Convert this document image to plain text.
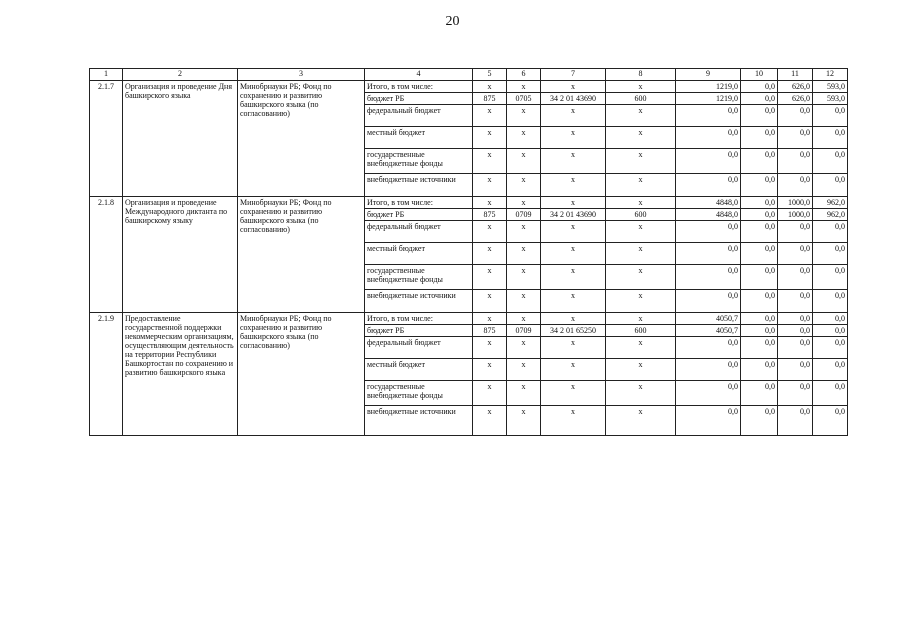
20
1	2	3	4	5	6	7	8	9	10	11	12
2.1.7	Организация и проведение Дня башкирского языка	Минобрнауки РБ; Фонд по сохранению и развитию башкирского языка (по согласованию)	Итого, в том числе:	х	х	х	х	1219,0	0,0	626,0	593,0
			бюджет РБ	875	0705	34 2 01 43690	600	1219,0	0,0	626,0	593,0
			федеральный бюджет	х	х	х	х	0,0	0,0	0,0	0,0
			местный бюджет	х	х	х	х	0,0	0,0	0,0	0,0
			государственные внебюджетные фонды	х	х	х	х	0,0	0,0	0,0	0,0
			внебюджетные источники	х	х	х	х	0,0	0,0	0,0	0,0
2.1.8	Организация и проведение Международного диктанта по башкирскому языку	Минобрнауки РБ; Фонд по сохранению и развитию башкирского языка (по согласованию)	Итого, в том числе:	х	х	х	х	4848,0	0,0	1000,0	962,0
			бюджет РБ	875	0709	34 2 01 43690	600	4848,0	0,0	1000,0	962,0
			федеральный бюджет	х	х	х	х	0,0	0,0	0,0	0,0
			местный бюджет	х	х	х	х	0,0	0,0	0,0	0,0
			государственные внебюджетные фонды	х	х	х	х	0,0	0,0	0,0	0,0
			внебюджетные источники	х	х	х	х	0,0	0,0	0,0	0,0
2.1.9	Предоставление государственной поддержки некоммерческим организациям, осуществляющим деятельность на территории Республики Башкортостан по сохранению и развитию башкирского языка	Минобрнауки РБ; Фонд по сохранению и развитию башкирского языка (по согласованию)	Итого, в том числе:	х	х	х	х	4050,7	0,0	0,0	0,0
			бюджет РБ	875	0709	34 2 01 65250	600	4050,7	0,0	0,0	0,0
			федеральный бюджет	х	х	х	х	0,0	0,0	0,0	0,0
			местный бюджет	х	х	х	х	0,0	0,0	0,0	0,0
			государственные внебюджетные фонды	х	х	х	х	0,0	0,0	0,0	0,0
			внебюджетные источники	х	х	х	х	0,0	0,0	0,0	0,0
